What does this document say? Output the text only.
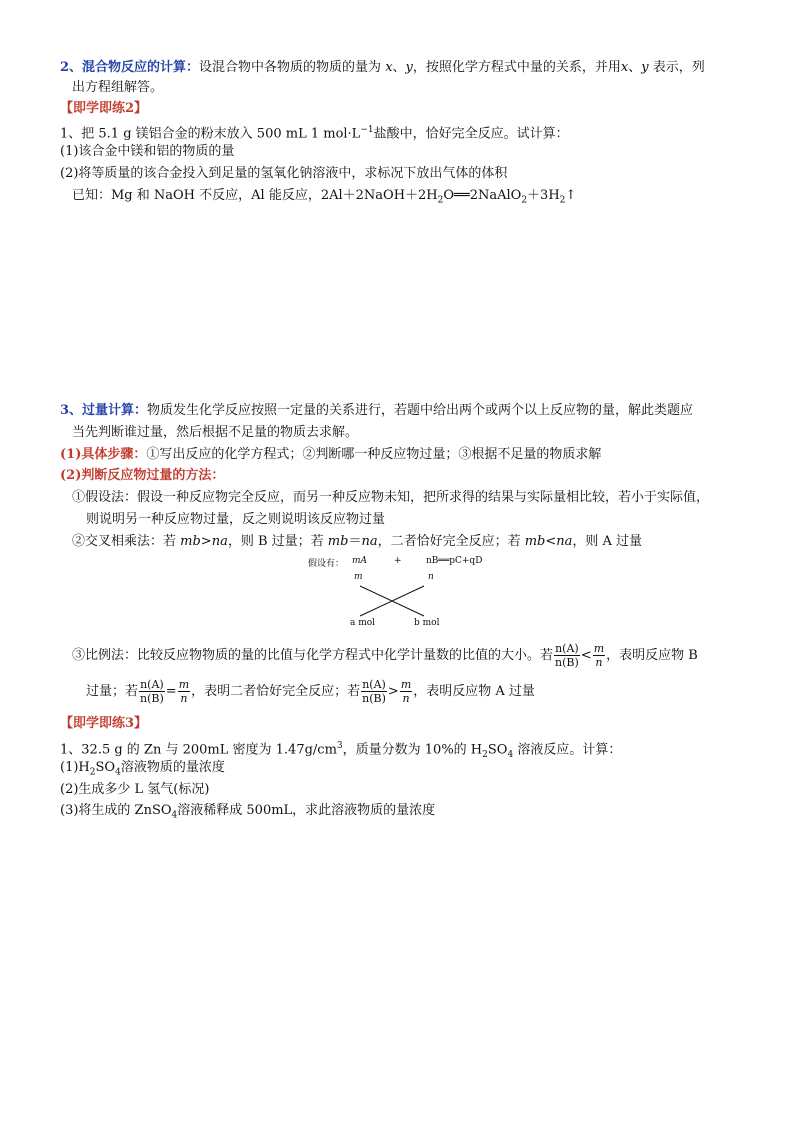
2、混合物反应的计算：设混合物中各物质的物质的量为 x、y，按照化学方程式中量的关系，并用x、y 表示，列
出方程组解答。
【即学即练2】
1、把 5.1 g 镁铝合金的粉末放入 500 mL 1 $mol\cdot L^{-1}$盐酸中，恰好完全反应。试计算：
(1)该合金中镁和铝的物质的量
(2)将等质量的该合金投入到足量的氢氧化钠溶液中，求标况下放出气体的体积
已知：Mg 和 NaOH 不反应，Al 能反应，$2Al+2NaOH+2H_2O══2NaAlO_2+3H_2↑$
3、过量计算：物质发生化学反应按照一定量的关系进行，若题中给出两个或两个以上反应物的量，解此类题应
当先判断谁过量，然后根据不足量的物质去求解。
(1)具体步骤：①写出反应的化学方程式；②判断哪一种反应物过量；③根据不足量的物质求解
(2)判断反应物过量的方法：
①假设法：假设一种反应物完全反应，而另一种反应物未知，把所求得的结果与实际量相比较，若小于实际值，
则说明另一种反应物过量，反之则说明该反应物过量
②交叉相乘法：若 mb>na，则 B 过量；若 mb＝na，二者恰好完全反应；若 mb<na，则 A 过量
假设有： mA	+	nB══pC+qD
m	n
a mol	b mol
③比例法：比较反应物物质的量的比值与化学方程式中化学计量数的比值的大小。若 $\frac{n(A)}{n(B)} < \frac{m}{n}$ ，表明反应物 B
过量；若 $\frac{n(A)}{n(B)} = \frac{m}{n}$ ，表明二者恰好完全反应；若 $\frac{n(A)}{n(B)} > \frac{m}{n}$ ，表明反应物 A 过量
【即学即练3】
1、32.5 g 的 Zn 与 200mL 密度为 $1.47g/cm^3$，质量分数为 10%的 $H_2SO_4$ 溶液反应。计算：
$(1)H_2SO_4$溶液物质的量浓度
(2)生成多少 L 氢气(标况)
(3)将生成的 ZnSO$_4$溶液稀释成 500mL，求此溶液物质的量浓度
